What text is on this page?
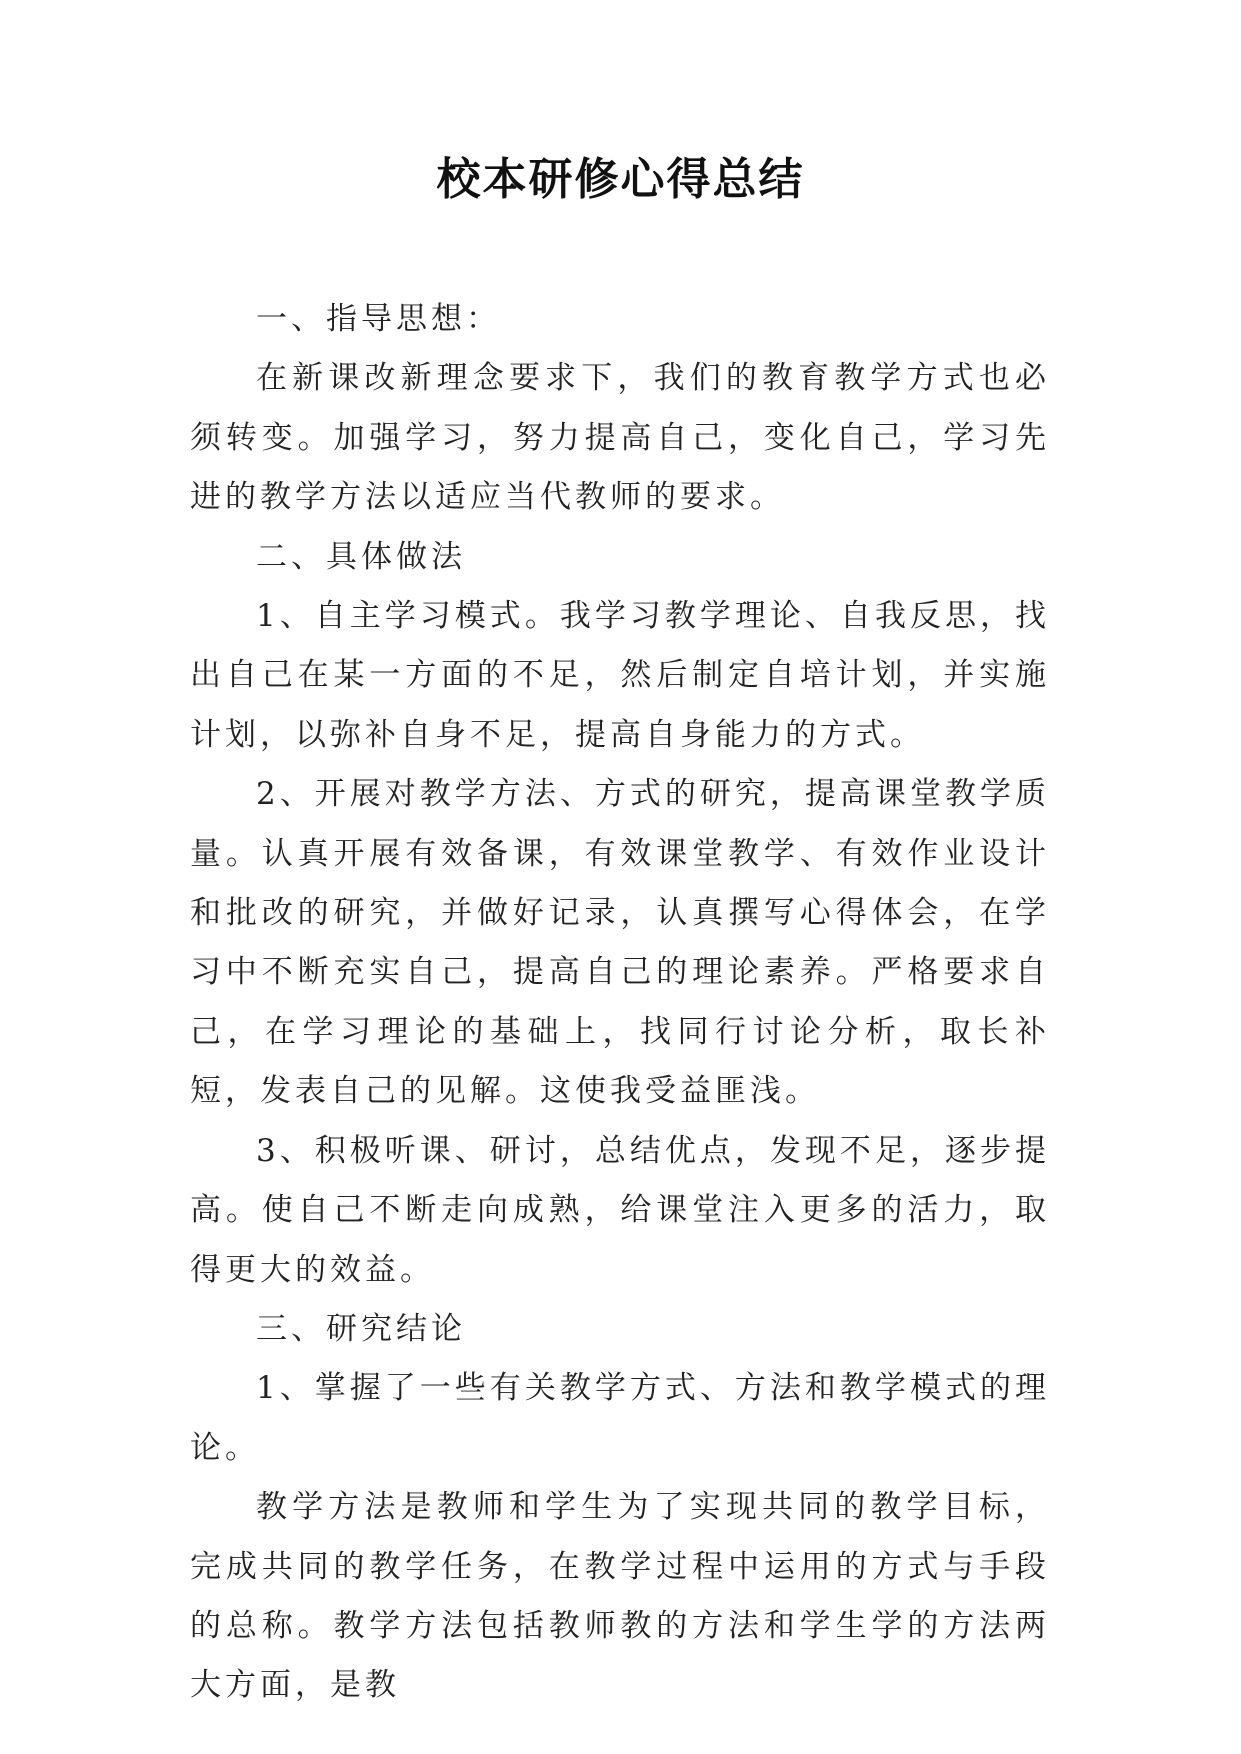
校本研修心得总结

一、指导思想：

在新课改新理念要求下，我们的教育教学方式也必须转变。加强学习，努力提高自己，变化自己，学习先进的教学方法以适应当代教师的要求。

二、具体做法

1、自主学习模式。我学习教学理论、自我反思，找出自己在某一方面的不足，然后制定自培计划，并实施计划，以弥补自身不足，提高自身能力的方式。

2、开展对教学方法、方式的研究，提高课堂教学质量。认真开展有效备课，有效课堂教学、有效作业设计和批改的研究，并做好记录，认真撰写心得体会，在学习中不断充实自己，提高自己的理论素养。严格要求自己，在学习理论的基础上，找同行讨论分析，取长补短，发表自己的见解。这使我受益匪浅。

3、积极听课、研讨，总结优点，发现不足，逐步提高。使自己不断走向成熟，给课堂注入更多的活力，取得更大的效益。

三、研究结论

1、掌握了一些有关教学方式、方法和教学模式的理论。

教学方法是教师和学生为了实现共同的教学目标，完成共同的教学任务，在教学过程中运用的方式与手段的总称。教学方法包括教师教的方法和学生学的方法两大方面，是教
